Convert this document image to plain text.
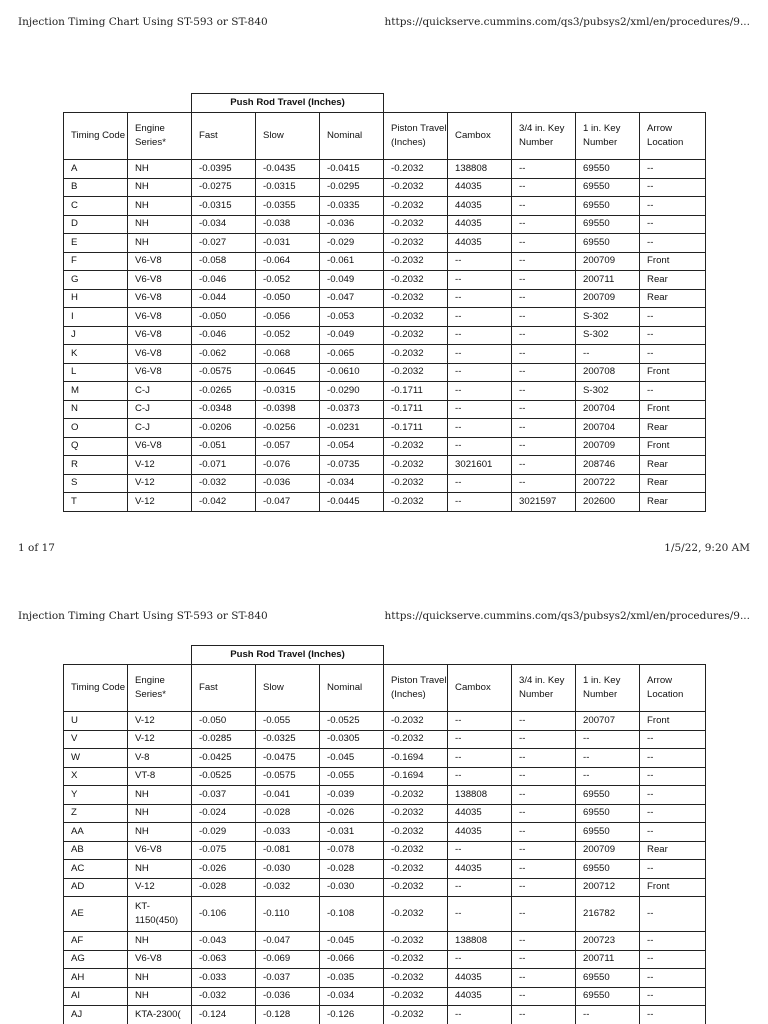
Injection Timing Chart Using ST-593 or ST-840	https://quickserve.cummins.com/qs3/pubsys2/xml/en/procedures/9...
		Push Rod Travel (Inches)							
Timing Code	Engine Series*	Fast	Slow	Nominal	Piston Travel (Inches)	Cambox	3/4 in. Key Number	1 in. Key Number	Arrow Location
A	NH	-0.0395	-0.0435	-0.0415	-0.2032	138808	--	69550	--
B	NH	-0.0275	-0.0315	-0.0295	-0.2032	44035	--	69550	--
C	NH	-0.0315	-0.0355	-0.0335	-0.2032	44035	--	69550	--
D	NH	-0.034	-0.038	-0.036	-0.2032	44035	--	69550	--
E	NH	-0.027	-0.031	-0.029	-0.2032	44035	--	69550	--
F	V6-V8	-0.058	-0.064	-0.061	-0.2032	--	--	200709	Front
G	V6-V8	-0.046	-0.052	-0.049	-0.2032	--	--	200711	Rear
H	V6-V8	-0.044	-0.050	-0.047	-0.2032	--	--	200709	Rear
I	V6-V8	-0.050	-0.056	-0.053	-0.2032	--	--	S-302	--
J	V6-V8	-0.046	-0.052	-0.049	-0.2032	--	--	S-302	--
K	V6-V8	-0.062	-0.068	-0.065	-0.2032	--	--	--	--
L	V6-V8	-0.0575	-0.0645	-0.0610	-0.2032	--	--	200708	Front
M	C-J	-0.0265	-0.0315	-0.0290	-0.1711	--	--	S-302	--
N	C-J	-0.0348	-0.0398	-0.0373	-0.1711	--	--	200704	Front
O	C-J	-0.0206	-0.0256	-0.0231	-0.1711	--	--	200704	Rear
Q	V6-V8	-0.051	-0.057	-0.054	-0.2032	--	--	200709	Front
R	V-12	-0.071	-0.076	-0.0735	-0.2032	3021601	--	208746	Rear
S	V-12	-0.032	-0.036	-0.034	-0.2032	--	--	200722	Rear
T	V-12	-0.042	-0.047	-0.0445	-0.2032	--	3021597	202600	Rear
1 of 17	1/5/22, 9:20 AM
Injection Timing Chart Using ST-593 or ST-840	https://quickserve.cummins.com/qs3/pubsys2/xml/en/procedures/9...
		Push Rod Travel (Inches)							
Timing Code	Engine Series*	Fast	Slow	Nominal	Piston Travel (Inches)	Cambox	3/4 in. Key Number	1 in. Key Number	Arrow Location
U	V-12	-0.050	-0.055	-0.0525	-0.2032	--	--	200707	Front
V	V-12	-0.0285	-0.0325	-0.0305	-0.2032	--	--	--	--
W	V-8	-0.0425	-0.0475	-0.045	-0.1694	--	--	--	--
X	VT-8	-0.0525	-0.0575	-0.055	-0.1694	--	--	--	--
Y	NH	-0.037	-0.041	-0.039	-0.2032	138808	--	69550	--
Z	NH	-0.024	-0.028	-0.026	-0.2032	44035	--	69550	--
AA	NH	-0.029	-0.033	-0.031	-0.2032	44035	--	69550	--
AB	V6-V8	-0.075	-0.081	-0.078	-0.2032	--	--	200709	Rear
AC	NH	-0.026	-0.030	-0.028	-0.2032	44035	--	69550	--
AD	V-12	-0.028	-0.032	-0.030	-0.2032	--	--	200712	Front
AE	KT-1150(450)	-0.106	-0.110	-0.108	-0.2032	--	--	216782	--
AF	NH	-0.043	-0.047	-0.045	-0.2032	138808	--	200723	--
AG	V6-V8	-0.063	-0.069	-0.066	-0.2032	--	--	200711	--
AH	NH	-0.033	-0.037	-0.035	-0.2032	44035	--	69550	--
AI	NH	-0.032	-0.036	-0.034	-0.2032	44035	--	69550	--
AJ	KTA-2300(	-0.124	-0.128	-0.126	-0.2032	--	--	--	--
